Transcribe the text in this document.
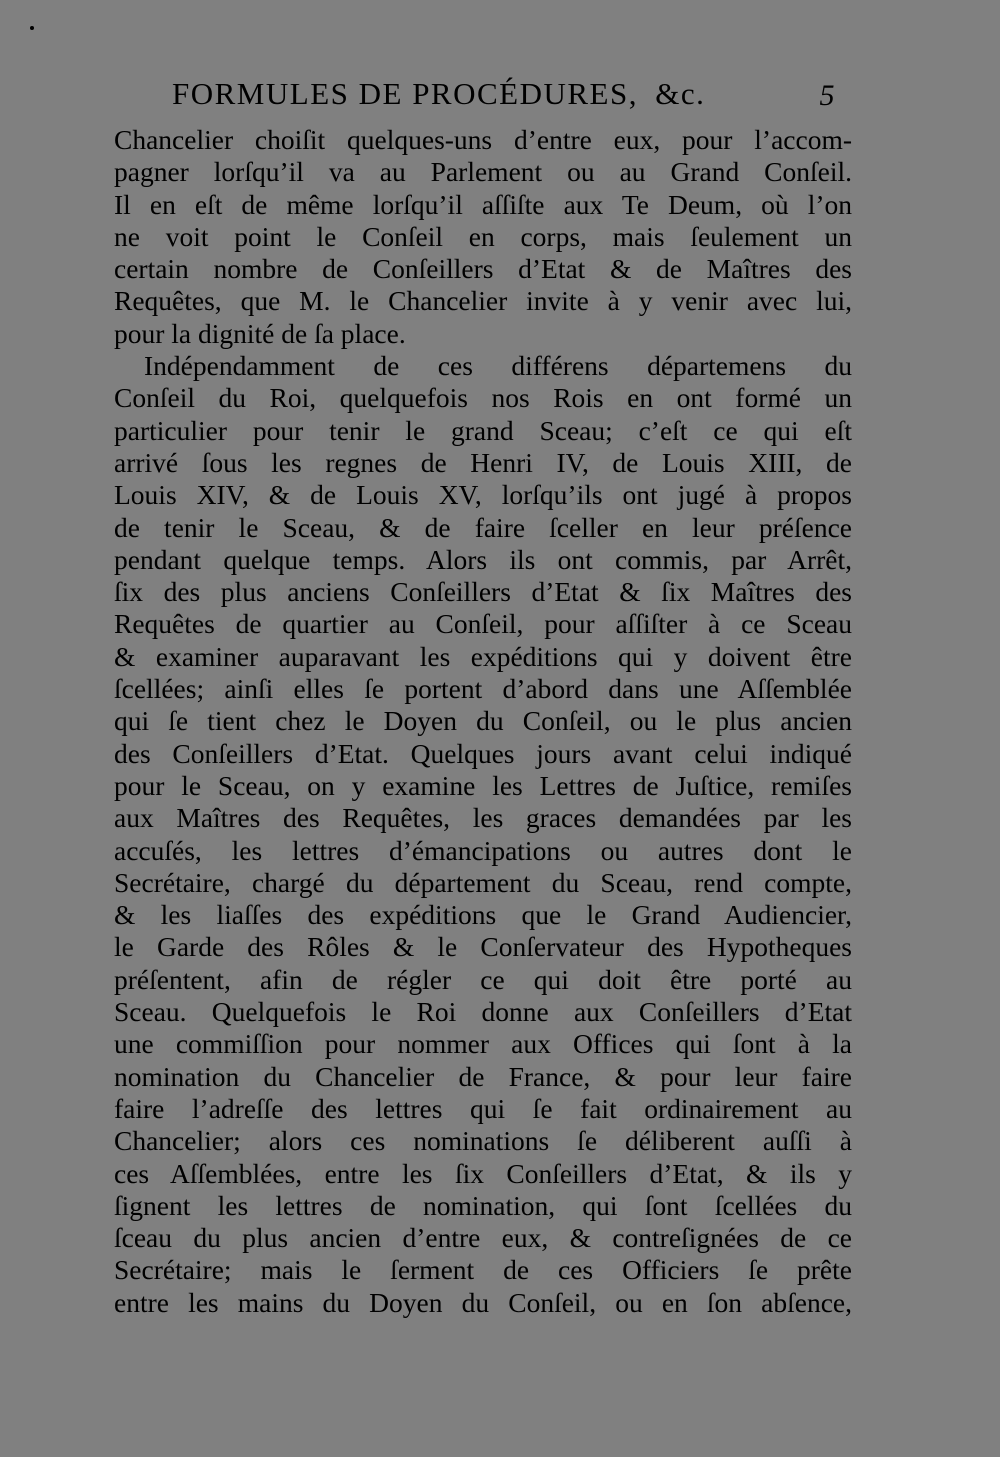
FORMULES DE PROCÉDURES, &c.	5
Chancelier choiſit quelques-uns d’entre eux, pour l’accom-
pagner lorſqu’il va au Parlement ou au Grand Conſeil.
Il en eſt de même lorſqu’il aſſiſte aux Te Deum, où l’on
ne voit point le Conſeil en corps, mais ſeulement un
certain nombre de Conſeillers d’Etat & de Maîtres des
Requêtes, que M. le Chancelier invite à y venir avec lui,
pour la dignité de ſa place.
Indépendamment de ces différens départemens du
Conſeil du Roi, quelquefois nos Rois en ont formé un
particulier pour tenir le grand Sceau; c’eſt ce qui eſt
arrivé ſous les regnes de Henri IV, de Louis XIII, de
Louis XIV, & de Louis XV, lorſqu’ils ont jugé à propos
de tenir le Sceau, & de faire ſceller en leur préſence
pendant quelque temps. Alors ils ont commis, par Arrêt,
ſix des plus anciens Conſeillers d’Etat & ſix Maîtres des
Requêtes de quartier au Conſeil, pour aſſiſter à ce Sceau
& examiner auparavant les expéditions qui y doivent être
ſcellées; ainſi elles ſe portent d’abord dans une Aſſemblée
qui ſe tient chez le Doyen du Conſeil, ou le plus ancien
des Conſeillers d’Etat. Quelques jours avant celui indiqué
pour le Sceau, on y examine les Lettres de Juſtice, remiſes
aux Maîtres des Requêtes, les graces demandées par les
accuſés, les lettres d’émancipations ou autres dont le
Secrétaire, chargé du département du Sceau, rend compte,
& les liaſſes des expéditions que le Grand Audiencier,
le Garde des Rôles & le Conſervateur des Hypotheques
préſentent, afin de régler ce qui doit être porté au
Sceau. Quelquefois le Roi donne aux Conſeillers d’Etat
une commiſſion pour nommer aux Offices qui ſont à la
nomination du Chancelier de France, & pour leur faire
faire l’adreſſe des lettres qui ſe fait ordinairement au
Chancelier; alors ces nominations ſe déliberent auſſi à
ces Aſſemblées, entre les ſix Conſeillers d’Etat, & ils y
ſignent les lettres de nomination, qui ſont ſcellées du
ſceau du plus ancien d’entre eux, & contreſignées de ce
Secrétaire; mais le ſerment de ces Officiers ſe prête
entre les mains du Doyen du Conſeil, ou en ſon abſence,
